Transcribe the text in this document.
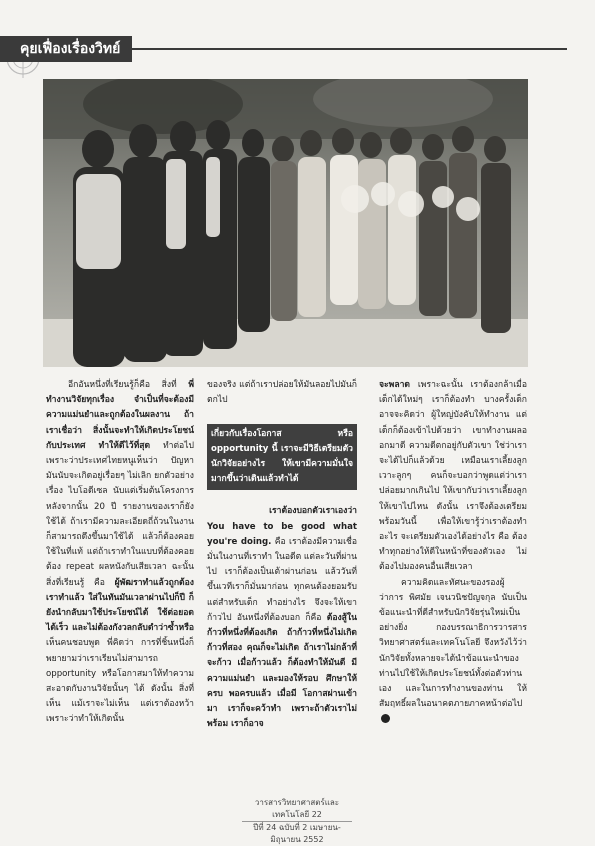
คุยเฟื่องเรื่องวิทย์

อีกอันหนึ่งที่เรียนรู้ก็คือ สิ่งที่ พี่ทำงานวิจัยทุกเรื่อง จำเป็นที่จะต้องมีความแม่นยำและถูกต้องในผลงาน ถ้าเราเชื่อว่า สิ่งนั้นจะทำให้เกิดประโยชน์กับประเทศ ทำให้ดีไว้ที่สุด ทำต่อไปเพราะว่าประเทศไทยหนูเห็นว่า ปัญหามันนับจะเกิดอยู่เรื่อยๆ ไม่เลิก ยกตัวอย่างเรื่อง ไบโอดีเซล นับแต่เริ่มต้นโครงการ หลังจากนั้น 20 ปี รายงานของเราก็ยังใช้ได้ ถ้าเรามีความละเอียดถี่ถ้วนในงาน ก็สามารถดึงขึ้นมาใช้ได้ แล้วก็ต้องคอยใช้ในที่แท้ แต่ถ้าเราทำในแบบที่ต้องคอยต้อง repeat ผลหนังกับเสียเวลา ฉะนั้น สิ่งที่เรียนรู้ คือ ผู้พัฒราทำแล้วถูกต้อง เราทำแล้ว ใส่ในทันมันเวลาผ่านไปก็ปี ก็ยังนำกลับมาใช้ประโยชน์ได้ ใช้ต่อยอดได้เร็ว และไม่ต้องกังวลกลับดำว่าซ้ำหรือ เห็นคนชอบพูด พี่คิดว่า การที่ชิ้นหนึ่งก็พยายามว่าเราเรียนไม่สามารถ opportunity หรือโอกาสมาให้ทำความสะอาดกับงานวิจัยนั้นๆ ได้ ดังนั้น สิ่งที่เห็น แม้เราจะไม่เห็น แต่เราต้องหว้าเพราะว่าทำให้เกิดนั้น

ของจริง แต่ถ้าเราปล่อยให้มันลอยไปมันก็ตกไป

เกี่ยวกับเรื่องโอกาส หรือ opportunity นี้ เราจะมีวิธีเตรียมตัวนักวิจัยอย่างไร ให้เขามีความมั่นใจมากขึ้นว่าเดินแล้วทำได้
เราต้องบอกตัวเราเองว่า

You have to be good what you're doing. คือ เราต้องมีความเชื่อมั่นในงานที่เราทำ ในอดีต แต่ละวันที่ผ่านไป เราก็ต้องเป็นเต้าผ่านก่อน แล้ววันที่ขึ้นเวทีเราก็มั่นมาก่อน ทุกคนต้องยอมรับ แต่สำหรับเด็ก ทำอย่างไร จึงจะให้เขาก้าวไป อันหนึ่งที่ต้องบอก ก็คือ ต้องสู้ในก้าวที่หนึ่งที่ต้องเกิด ถ้าก้าวที่หนึ่งไม่เกิด ก้าวที่สอง คุณก็จะไม่เกิด ถ้าเราไม่กล้าที่จะก้าว เมื่อก้าวแล้ว ก็ต้องทำให้มันดี มีความแม่นยำ และมองให้รอบ ศึกษาให้ครบ พอครบแล้ว เมื่อมี โอกาสผ่านเข้ามา เราก็จะคว้าทำ เพราะถ้าตัวเราไม่พร้อม เราก็อาจ

จะพลาด เพราะฉะนั้น เราต้องกล้าเมื่อเด็กได้ใหม่ๆ เราก็ต้องทำ บางครั้งเด็กอาจจะคิดว่า ผู้ใหญ่บังคับให้ทำงาน แต่เด็กก็ต้องเข้าไปด้วยว่า เขาทำงานผลออกมาดี ความดีตกอยู่กับตัวเขา ใช่ว่าเราจะได้ไปก็แล้วด้วย เหมือนเราเลี้ยงลูก เวาะลูกๆ คนก็จะบอกว่าพูดแต่ว่าเราปล่อยมากเกินไป ให้เขากับว่าเราเลี้ยงลูกให้เขาไปไหน ดังนั้น เราจึงต้องเตรียมพร้อมวันนี้ เพื่อให้เขารู้ว่าเราต้องทำอะไร จะเตรียมตัวเองได้อย่างไร คือ ต้องทำทุกอย่างให้ดีในหน้าที่ของตัวเอง ไม่ต้องไปมองคนอื่นเสียเวลา

ความคิดและทัศนะของรองผู้ว่าการ พิศมัย เจนวนิชปัญจกุล นับเป็นข้อแนะนำที่ดีสำหรับนักวิจัยรุ่นใหม่เป็นอย่างยิ่ง กองบรรณาธิการวารสารวิทยาศาสตร์และเทคโนโลยี จึงหวังไว้ว่า นักวิจัยทั้งหลายจะได้นำข้อแนะนำของท่านไปใช้ให้เกิดประโยชน์ทั้งต่อตัวท่านเอง และในการทำงานของท่าน ให้สัมฤทธิ์ผลในอนาคตภายภาคหน้าต่อไป

วารสารวิทยาศาสตร์และเทคโนโลยี 22
ปีที่ 24 ฉบับที่ 2 เมษายน-มิถุนายน 2552
